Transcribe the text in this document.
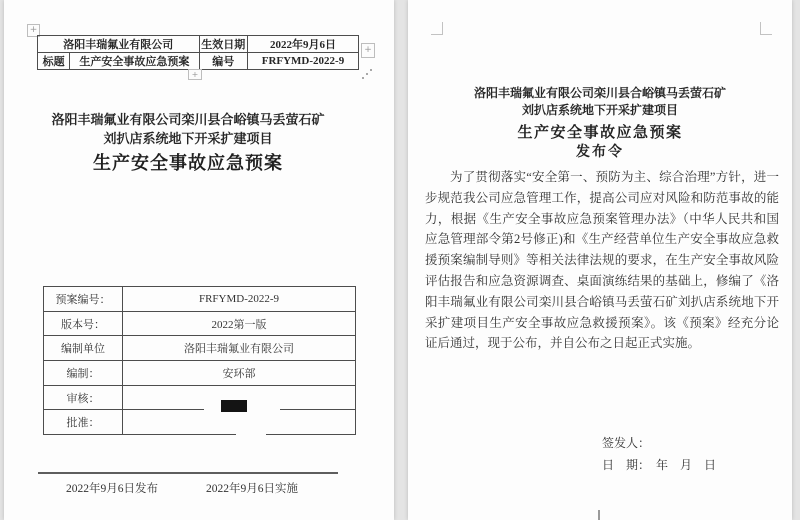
+
洛阳丰瑞氟业有限公司		生效日期	2022年9月6日
标题	生产安全事故应急预案	编号	FRFYMD-2022-9
+
+
洛阳丰瑞氟业有限公司栾川县合峪镇马丢萤石矿
刘扒店系统地下开采扩建项目
生产安全事故应急预案
预案编号：	FRFYMD-2022-9
版本号：	2022第一版
编制单位	洛阳丰瑞氟业有限公司
编制：	安环部
审核：	
批准：	
2022年9月6日发布	2022年9月6日实施
洛阳丰瑞氟业有限公司栾川县合峪镇马丢萤石矿
刘扒店系统地下开采扩建项目
生产安全事故应急预案
发布令
为了贯彻落实“安全第一、预防为主、综合治理”方针，进一步规范我公司应急管理工作，提高公司应对风险和防范事故的能力，根据《生产安全事故应急预案管理办法》（中华人民共和国应急管理部令第2号修正)和《生产经营单位生产安全事故应急救援预案编制导则》等相关法律法规的要求，在生产安全事故风险评估报告和应急资源调查、桌面演练结果的基础上，修编了《洛阳丰瑞氟业有限公司栾川县合峪镇马丢萤石矿刘扒店系统地下开采扩建项目生产安全事故应急救援预案》。该《预案》经充分论证后通过，现于公布，并自公布之日起正式实施。
签发人：
日　期：　年　月　日
